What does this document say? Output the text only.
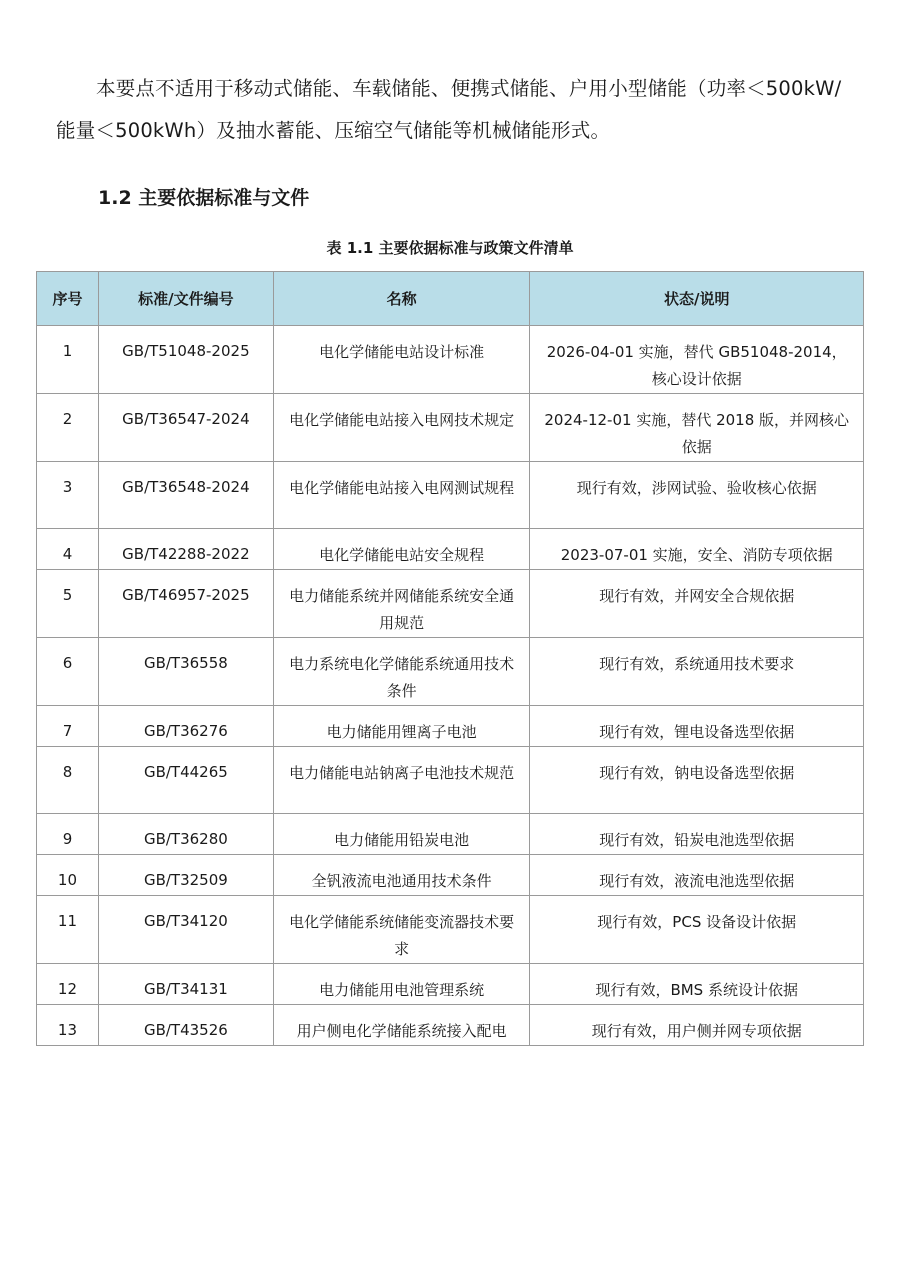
本要点不适用于移动式储能、车载储能、便携式储能、户用小型储能（功率＜500kW/能量＜500kWh）及抽水蓄能、压缩空气储能等机械储能形式。

1.2 主要依据标准与文件
表 1.1 主要依据标准与政策文件清单
序号	标准/文件编号	名称	状态/说明
1	GB/T51048-2025	电化学储能电站设计标准	2026-04-01 实施，替代 GB51048-2014，核心设计依据
2	GB/T36547-2024	电化学储能电站接入电网技术规定	2024-12-01 实施，替代 2018 版，并网核心依据
3	GB/T36548-2024	电化学储能电站接入电网测试规程	现行有效，涉网试验、验收核心依据
4	GB/T42288-2022	电化学储能电站安全规程	2023-07-01 实施，安全、消防专项依据
5	GB/T46957-2025	电力储能系统并网储能系统安全通用规范	现行有效，并网安全合规依据
6	GB/T36558	电力系统电化学储能系统通用技术条件	现行有效，系统通用技术要求
7	GB/T36276	电力储能用锂离子电池	现行有效，锂电设备选型依据
8	GB/T44265	电力储能电站钠离子电池技术规范	现行有效，钠电设备选型依据
9	GB/T36280	电力储能用铅炭电池	现行有效，铅炭电池选型依据
10	GB/T32509	全钒液流电池通用技术条件	现行有效，液流电池选型依据
11	GB/T34120	电化学储能系统储能变流器技术要求	现行有效，PCS 设备设计依据
12	GB/T34131	电力储能用电池管理系统	现行有效，BMS 系统设计依据
13	GB/T43526	用户侧电化学储能系统接入配电	现行有效，用户侧并网专项依据
